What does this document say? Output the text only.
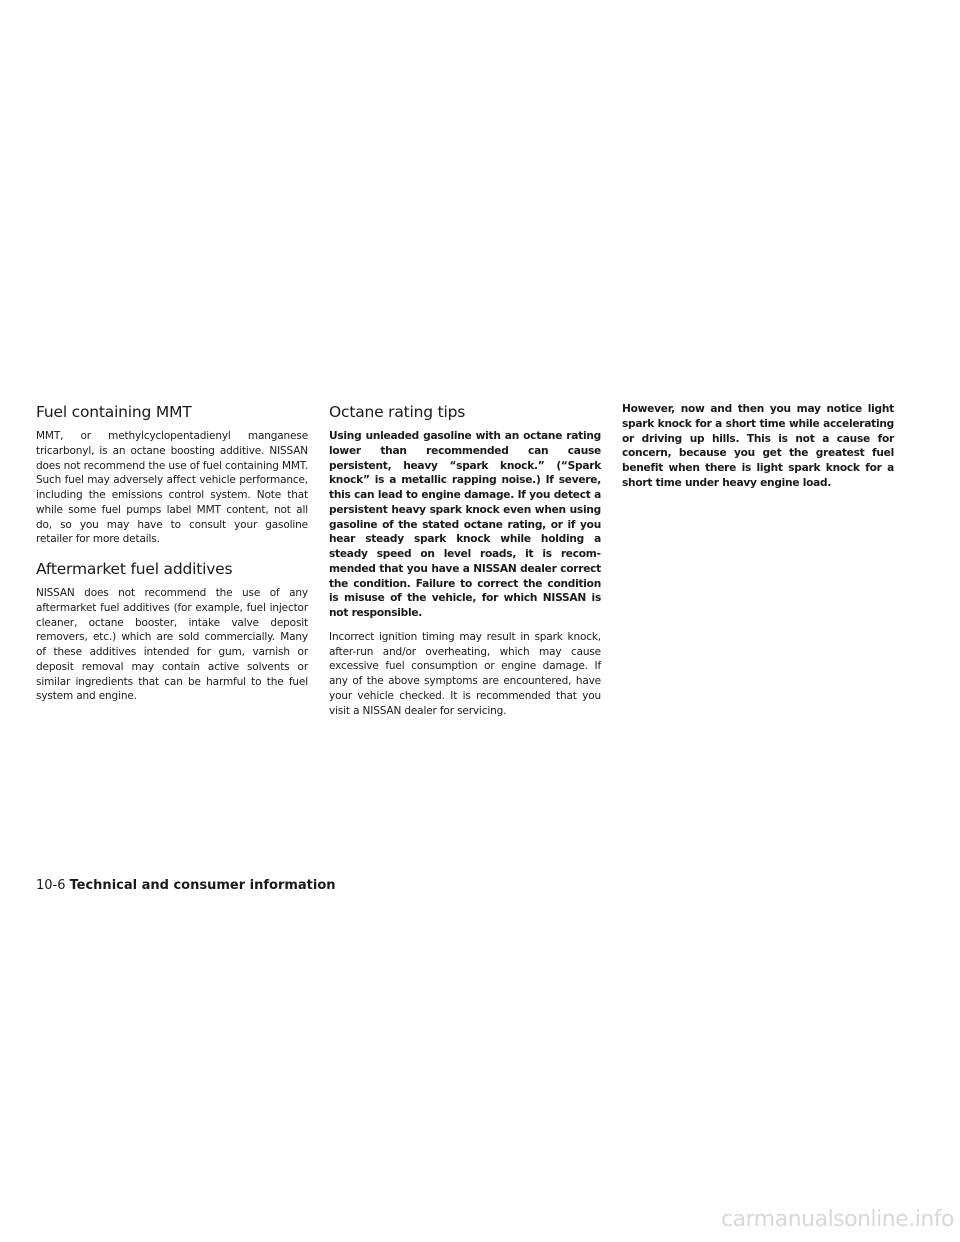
Fuel containing MMT

MMT, or methylcyclopentadienyl manganese tricarbonyl, is an octane boosting additive. NISSAN does not recommend the use of fuel containing MMT. Such fuel may adversely affect vehicle performance, including the emissions control system. Note that while some fuel pumps label MMT content, not all do, so you may have to consult your gasoline retailer for more details.

Aftermarket fuel additives

NISSAN does not recommend the use of any aftermarket fuel additives (for example, fuel injector cleaner, octane booster, intake valve deposit removers, etc.) which are sold commercially. Many of these additives intended for gum, varnish or deposit removal may contain active solvents or similar ingredients that can be harmful to the fuel system and engine.

Octane rating tips

Using unleaded gasoline with an octane rating lower than recommended can cause persistent, heavy “spark knock.” (“Spark knock” is a metallic rapping noise.) If severe, this can lead to engine damage. If you detect a persistent heavy spark knock even when using gasoline of the stated octane rating, or if you hear steady spark knock while holding a steady speed on level roads, it is recommended that you have a NISSAN dealer correct the condition. Failure to correct the condition is misuse of the vehicle, for which NISSAN is not responsible.

Incorrect ignition timing may result in spark knock, after-run and/or overheating, which may cause excessive fuel consumption or engine damage. If any of the above symptoms are encountered, have your vehicle checked. It is recommended that you visit a NISSAN dealer for servicing.

However, now and then you may notice light spark knock for a short time while accelerating or driving up hills. This is not a cause for concern, because you get the greatest fuel benefit when there is light spark knock for a short time under heavy engine load.

10-6 Technical and consumer information
carmanualsonline.info
